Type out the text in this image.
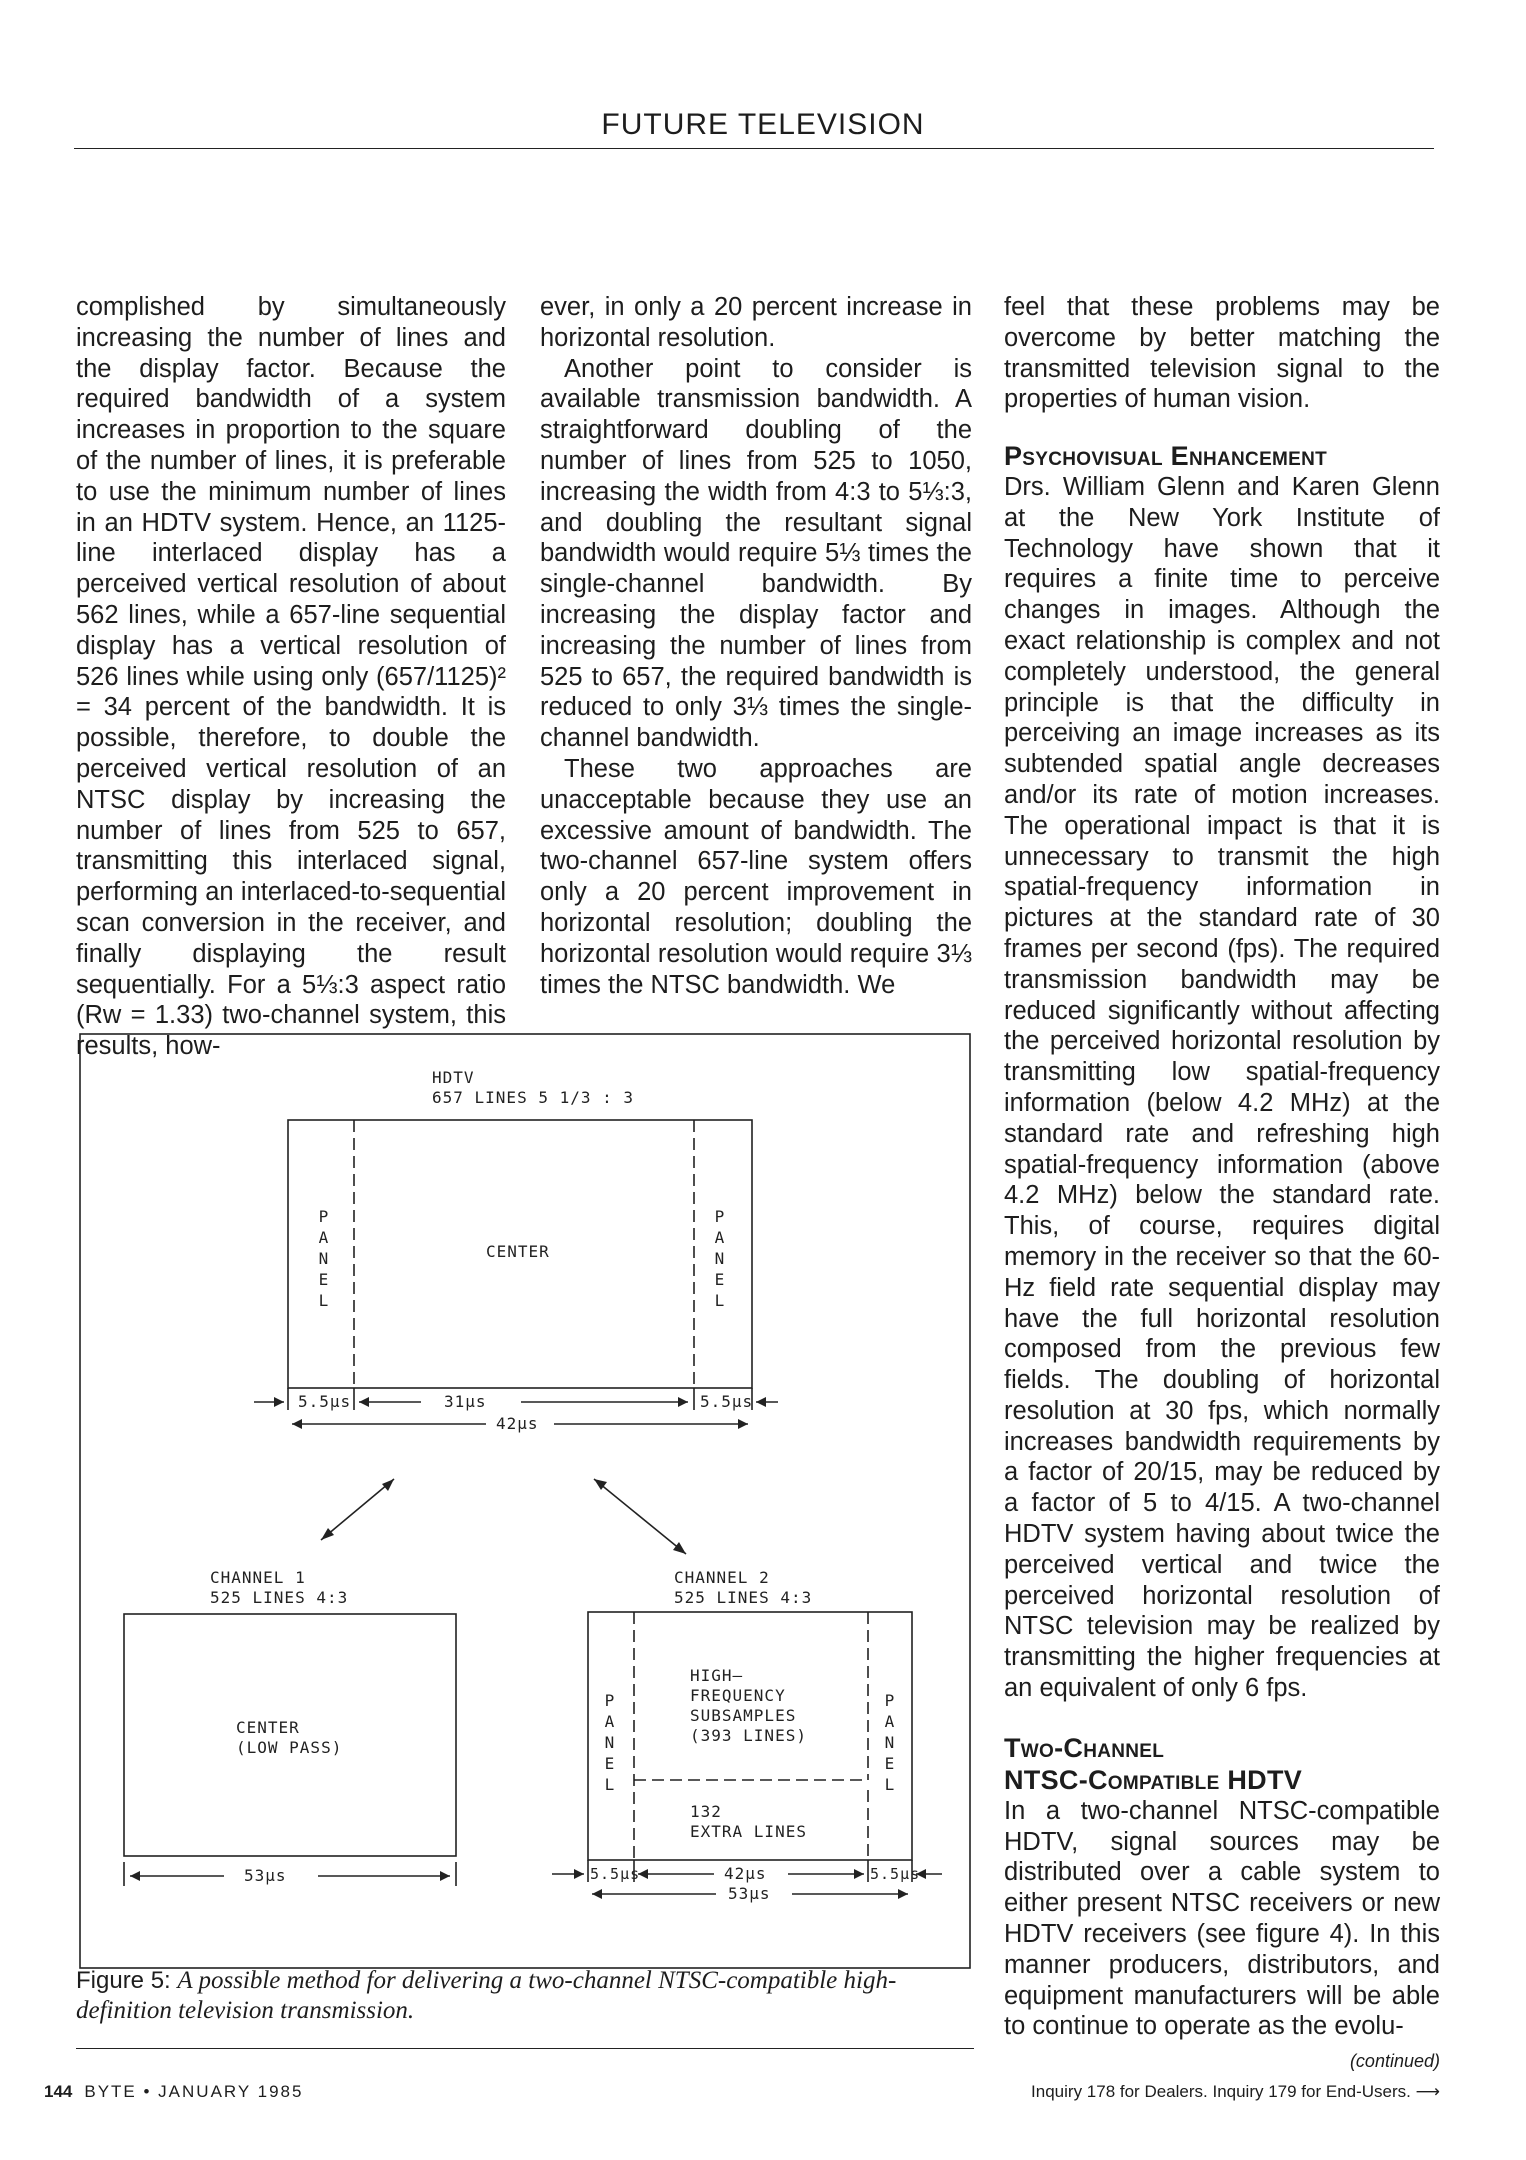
FUTURE TELEVISION

complished by simultaneously increasing the number of lines and the display factor. Because the required bandwidth of a system increases in proportion to the square of the number of lines, it is preferable to use the minimum number of lines in an HDTV system. Hence, an 1125-line interlaced display has a perceived vertical resolution of about 562 lines, while a 657-line sequential display has a vertical resolution of 526 lines while using only (657/1125)² = 34 percent of the bandwidth. It is possible, therefore, to double the perceived vertical resolution of an NTSC display by increasing the number of lines from 525 to 657, transmitting this interlaced signal, performing an interlaced-to-sequential scan conversion in the receiver, and finally displaying the result sequentially. For a 5⅓:3 aspect ratio (Rw = 1.33) two-channel system, this results, how-

ever, in only a 20 percent increase in horizontal resolution.

Another point to consider is available transmission bandwidth. A straightforward doubling of the number of lines from 525 to 1050, increasing the width from 4:3 to 5⅓:3, and doubling the resultant signal bandwidth would require 5⅓ times the single-channel bandwidth. By increasing the display factor and increasing the number of lines from 525 to 657, the required bandwidth is reduced to only 3⅓ times the single-channel bandwidth.

These two approaches are unacceptable because they use an excessive amount of bandwidth. The two-channel 657-line system offers only a 20 percent improvement in horizontal resolution; doubling the horizontal resolution would require 3⅓ times the NTSC bandwidth. We

feel that these problems may be overcome by better matching the transmitted television signal to the properties of human vision.

Psychovisual Enhancement

Drs. William Glenn and Karen Glenn at the New York Institute of Technology have shown that it requires a finite time to perceive changes in images. Although the exact relationship is complex and not completely understood, the general principle is that the difficulty in perceiving an image increases as its subtended spatial angle decreases and/or its rate of motion increases. The operational impact is that it is unnecessary to transmit the high spatial-frequency information in pictures at the standard rate of 30 frames per second (fps). The required transmission bandwidth may be reduced significantly without affecting the perceived horizontal resolution by transmitting low spatial-frequency information (below 4.2 MHz) at the standard rate and refreshing high spatial-frequency information (above 4.2 MHz) below the standard rate. This, of course, requires digital memory in the receiver so that the 60-Hz field rate sequential display may have the full horizontal resolution composed from the previous few fields. The doubling of horizontal resolution at 30 fps, which normally increases bandwidth requirements by a factor of 20/15, may be reduced by a factor of 5 to 4/15. A two-channel HDTV system having about twice the perceived vertical and twice the perceived horizontal resolution of NTSC television may be realized by transmitting the higher frequencies at an equivalent of only 6 fps.

Two-Channel
NTSC-Compatible HDTV

In a two-channel NTSC-compatible HDTV, signal sources may be distributed over a cable system to either present NTSC receivers or new HDTV receivers (see figure 4). In this manner producers, distributors, and equipment manufacturers will be able to continue to operate as the evolu-

(continued)
HDTV
657 LINES 5 1/3 : 3
PANEL
PANEL
CENTER
5.5µs	31µs	5.5µs
42µs
CHANNEL 1
525 LINES 4:3
CENTER
(LOW PASS)
53µs
CHANNEL 2
525 LINES 4:3
PANEL
PANEL
HIGH–
FREQUENCY
SUBSAMPLES
(393 LINES)
132
EXTRA LINES
5.5µs	42µs	5.5µs
53µs
Figure 5: A possible method for delivering a two-channel NTSC-compatible high-definition television transmission.
144 BYTE • JANUARY 1985	Inquiry 178 for Dealers. Inquiry 179 for End-Users. ⟶
